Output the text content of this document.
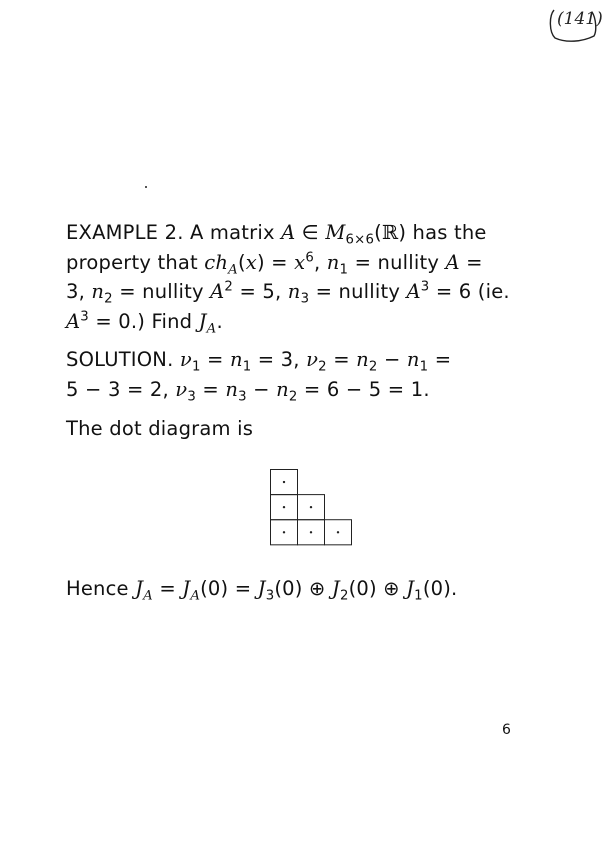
(141)

EXAMPLE 2. A matrix A ∈ $M_{6\times 6}(ℝ)$ has the
property that $ch_A(x) = x^6$, $n_1$ = nullity A =
3, $n_2$ = nullity $A^2 = 5$, $n_3$ = nullity $A^3 = 6$ (ie.
$A^3 = 0$.) Find $J_A$.

SOLUTION. $\nu_1 = n_1 = 3$, $\nu_2 = n_2 - n_1$ =
5 − 3 = 2, $\nu_3 = n_3 - n_2 = 6 - 5 = 1$.

The dot diagram is

Hence $J_A = J_A(0) = J_3(0)$ ⊕ $J_2(0)$ ⊕ $J_1(0)$.

6
